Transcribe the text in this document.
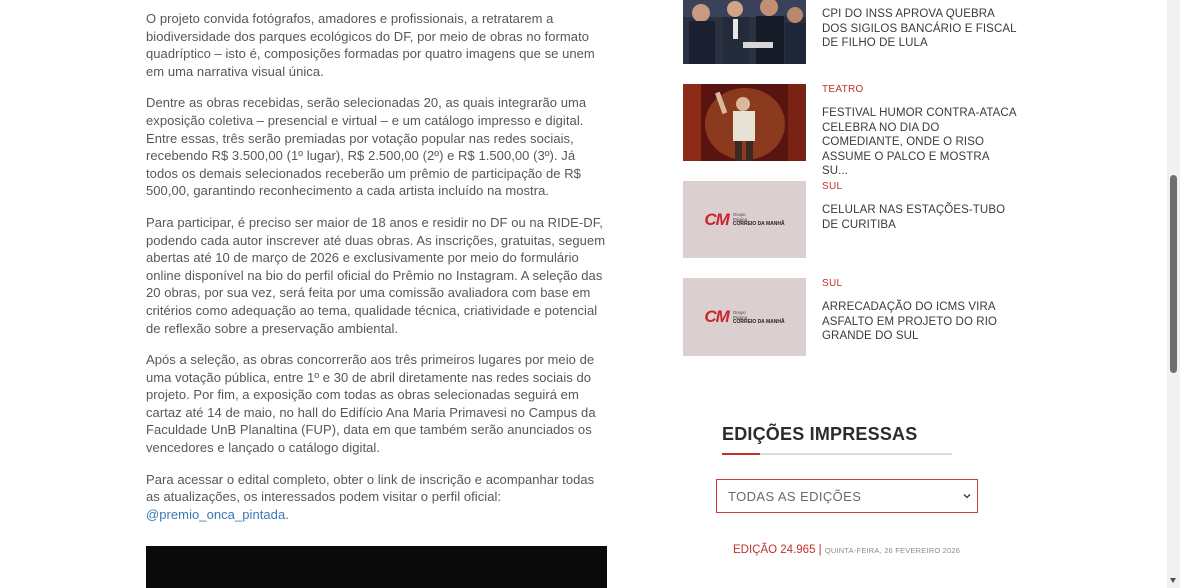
O projeto convida fotógrafos, amadores e profissionais, a retratarem a biodiversidade dos parques ecológicos do DF, por meio de obras no formato quadríptico – isto é, composições formadas por quatro imagens que se unem em uma narrativa visual única.

Dentre as obras recebidas, serão selecionadas 20, as quais integrarão uma exposição coletiva – presencial e virtual – e um catálogo impresso e digital. Entre essas, três serão premiadas por votação popular nas redes sociais, recebendo R$ 3.500,00 (1º lugar), R$ 2.500,00 (2º) e R$ 1.500,00 (3º). Já todos os demais selecionados receberão um prêmio de participação de R$ 500,00, garantindo reconhecimento a cada artista incluído na mostra.

Para participar, é preciso ser maior de 18 anos e residir no DF ou na RIDE-DF, podendo cada autor inscrever até duas obras. As inscrições, gratuitas, seguem abertas até 10 de março de 2026 e exclusivamente por meio do formulário online disponível na bio do perfil oficial do Prêmio no Instagram. A seleção das 20 obras, por sua vez, será feita por uma comissão avaliadora com base em critérios como adequação ao tema, qualidade técnica, criatividade e potencial de reflexão sobre a preservação ambiental.

Após a seleção, as obras concorrerão aos três primeiros lugares por meio de uma votação pública, entre 1º e 30 de abril diretamente nas redes sociais do projeto. Por fim, a exposição com todas as obras selecionadas seguirá em cartaz até 14 de maio, no hall do Edifício Ana Maria Primavesi no Campus da Faculdade UnB Planaltina (FUP), data em que também serão anunciados os vencedores e lançado o catálogo digital.

Para acessar o edital completo, obter o link de inscrição e acompanhar todas as atualizações, os interessados podem visitar o perfil oficial: @premio_onca_pintada.

CPI DO INSS APROVA QUEBRA DOS SIGILOS BANCÁRIO E FISCAL DE FILHO DE LULA
TEATRO
FESTIVAL HUMOR CONTRA-ATACA CELEBRA NO DIA DO COMEDIANTE, ONDE O RISO ASSUME O PALCO E MOSTRA SU...
CM Grupo
Página
CORREIO DA MANHÃ
SUL
CELULAR NAS ESTAÇÕES-TUBO DE CURITIBA
CM Grupo
Página
CORREIO DA MANHÃ
SUL
ARRECADAÇÃO DO ICMS VIRA ASFALTO EM PROJETO DO RIO GRANDE DO SUL
EDIÇÕES IMPRESSAS
TODAS AS EDIÇÕES
EDIÇÃO 24.965 | QUINTA-FEIRA, 26 FEVEREIRO 2026
